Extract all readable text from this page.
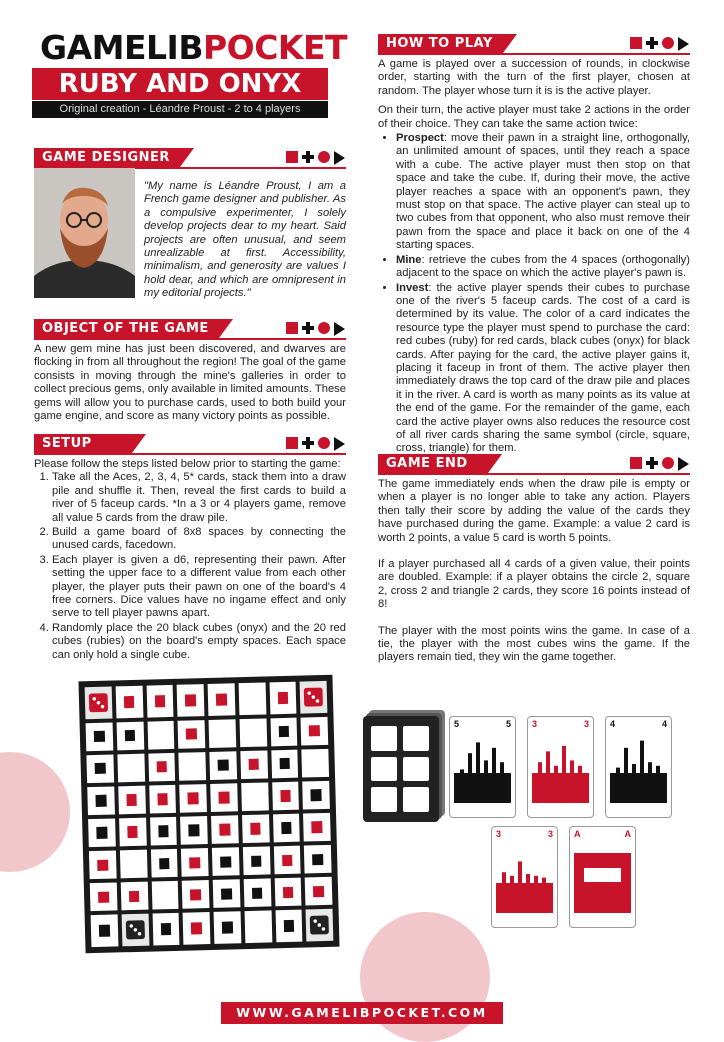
GAMELIBPOCKET
RUBY AND ONYX
Original creation - Léandre Proust - 2 to 4 players
GAME DESIGNER
"My name is Léandre Proust, I am a French game designer and publisher. As a compulsive experimenter, I solely develop projects dear to my heart. Said projects are often unusual, and seem unrealizable at first. Accessibility, minimalism, and generosity are values I hold dear, and which are omnipresent in my editorial projects."
OBJECT OF THE GAME
A new gem mine has just been discovered, and dwarves are flocking in from all throughout the region! The goal of the game consists in moving through the mine's galleries in order to collect precious gems, only available in limited amounts. These gems will allow you to purchase cards, used to both build your game engine, and score as many victory points as possible.
SETUP
Please follow the steps listed below prior to starting the game:
1. Take all the Aces, 2, 3, 4, 5* cards, stack them into a draw pile and shuffle it. Then, reveal the first cards to build a river of 5 faceup cards. *In a 3 or 4 players game, remove all value 5 cards from the draw pile.
2. Build a game board of 8x8 spaces by connecting the unused cards, facedown.
3. Each player is given a d6, representing their pawn. After setting the upper face to a different value from each other player, the player puts their pawn on one of the board's 4 free corners. Dice values have no ingame effect and only serve to tell player pawns apart.
4. Randomly place the 20 black cubes (onyx) and the 20 red cubes (rubies) on the board's empty spaces. Each space can only hold a single cube.
HOW TO PLAY

A game is played over a succession of rounds, in clockwise order, starting with the turn of the first player, chosen at random. The player whose turn it is is the active player.

On their turn, the active player must take 2 actions in the order of their choice. They can take the same action twice:

• Prospect: move their pawn in a straight line, orthogonally, an unlimited amount of spaces, until they reach a space with a cube. The active player must then stop on that space and take the cube. If, during their move, the active player reaches a space with an opponent's pawn, they must stop on that space. The active player can steal up to two cubes from that opponent, who also must remove their pawn from the space and place it back on one of the 4 starting spaces.
• Mine: retrieve the cubes from the 4 spaces (orthogonally) adjacent to the space on which the active player's pawn is.
• Invest: the active player spends their cubes to purchase one of the river's 5 faceup cards. The cost of a card is determined by its value. The color of a card indicates the resource type the player must spend to purchase the card: red cubes (ruby) for red cards, black cubes (onyx) for black cards. After paying for the card, the active player gains it, placing it faceup in front of them. The active player then immediately draws the top card of the draw pile and places it in the river. A card is worth as many points as its value at the end of the game. For the remainder of the game, each card the active player owns also reduces the resource cost of all river cards sharing the same symbol (circle, square, cross, triangle) for them.
GAME END

The game immediately ends when the draw pile is empty or when a player is no longer able to take any action. Players then tally their score by adding the value of the cards they have purchased during the game. Example: a value 2 card is worth 2 points, a value 5 card is worth 5 points.

If a player purchased all 4 cards of a given value, their points are doubled. Example: if a player obtains the circle 2, square 2, cross 2 and triangle 2 cards, they score 16 points instead of 8!

The player with the most points wins the game. In case of a tie, the player with the most cubes wins the game. If the players remain tied, they win the game together.

5	5 3	3 4	4
3	3 A	A
WWW.GAMELIBPOCKET.COM
